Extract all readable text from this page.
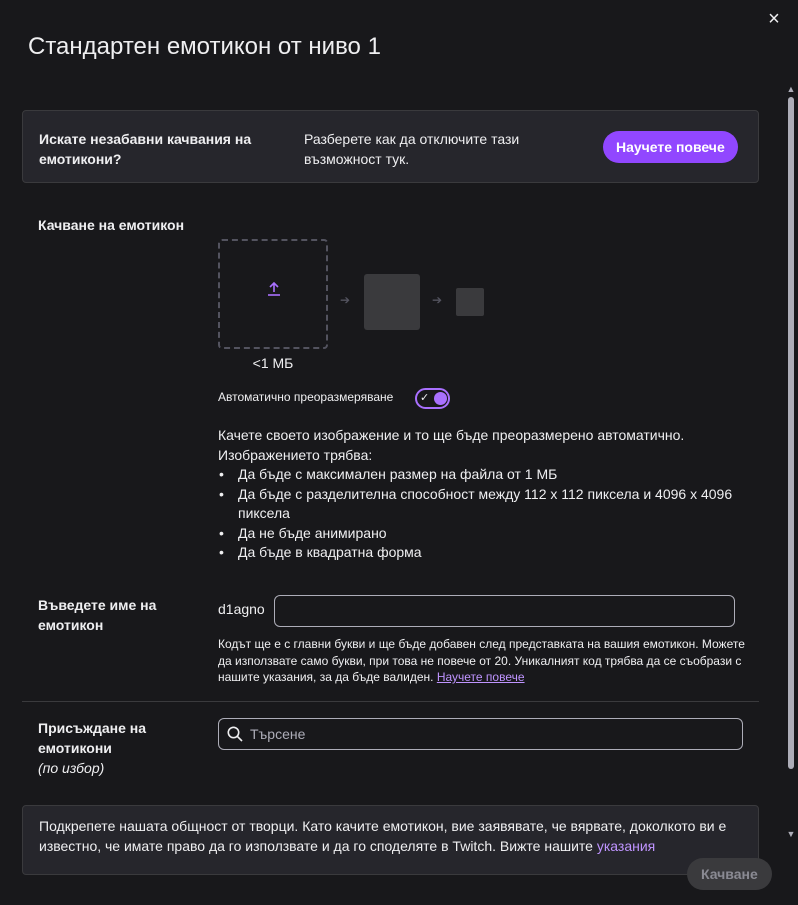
×
Стандартен емотикон от ниво 1
Искате незабавни качвания на емотикони?
Разберете как да отключите тази възможност тук.
Научете повече
Качване на емотикон
➔	➔
<1 МБ
Автоматично преоразмеряване ✓
Качете своето изображение и то ще бъде преоразмерено автоматично. Изображението трябва:
• Да бъде с максимален размер на файла от 1 МБ
• Да бъде с разделителна способност между 112 x 112 пиксела и 4096 x 4096 пиксела
• Да не бъде анимирано
• Да бъде в квадратна форма
Въведете име на емотикон
d1agno
Кодът ще е с главни букви и ще бъде добавен след представката на вашия емотикон. Можете да използвате само букви, при това не повече от 20. Уникалният код трябва да се съобрази с нашите указания, за да бъде валиден. Научете повече
Присъждане на емотикони
(по избор)
Търсене
Подкрепете нашата общност от творци. Като качите емотикон, вие заявявате, че вярвате, доколкото ви е известно, че имате право да го използвате и да го споделяте в Twitch. Вижте нашите указания
▲
▼
Качване
